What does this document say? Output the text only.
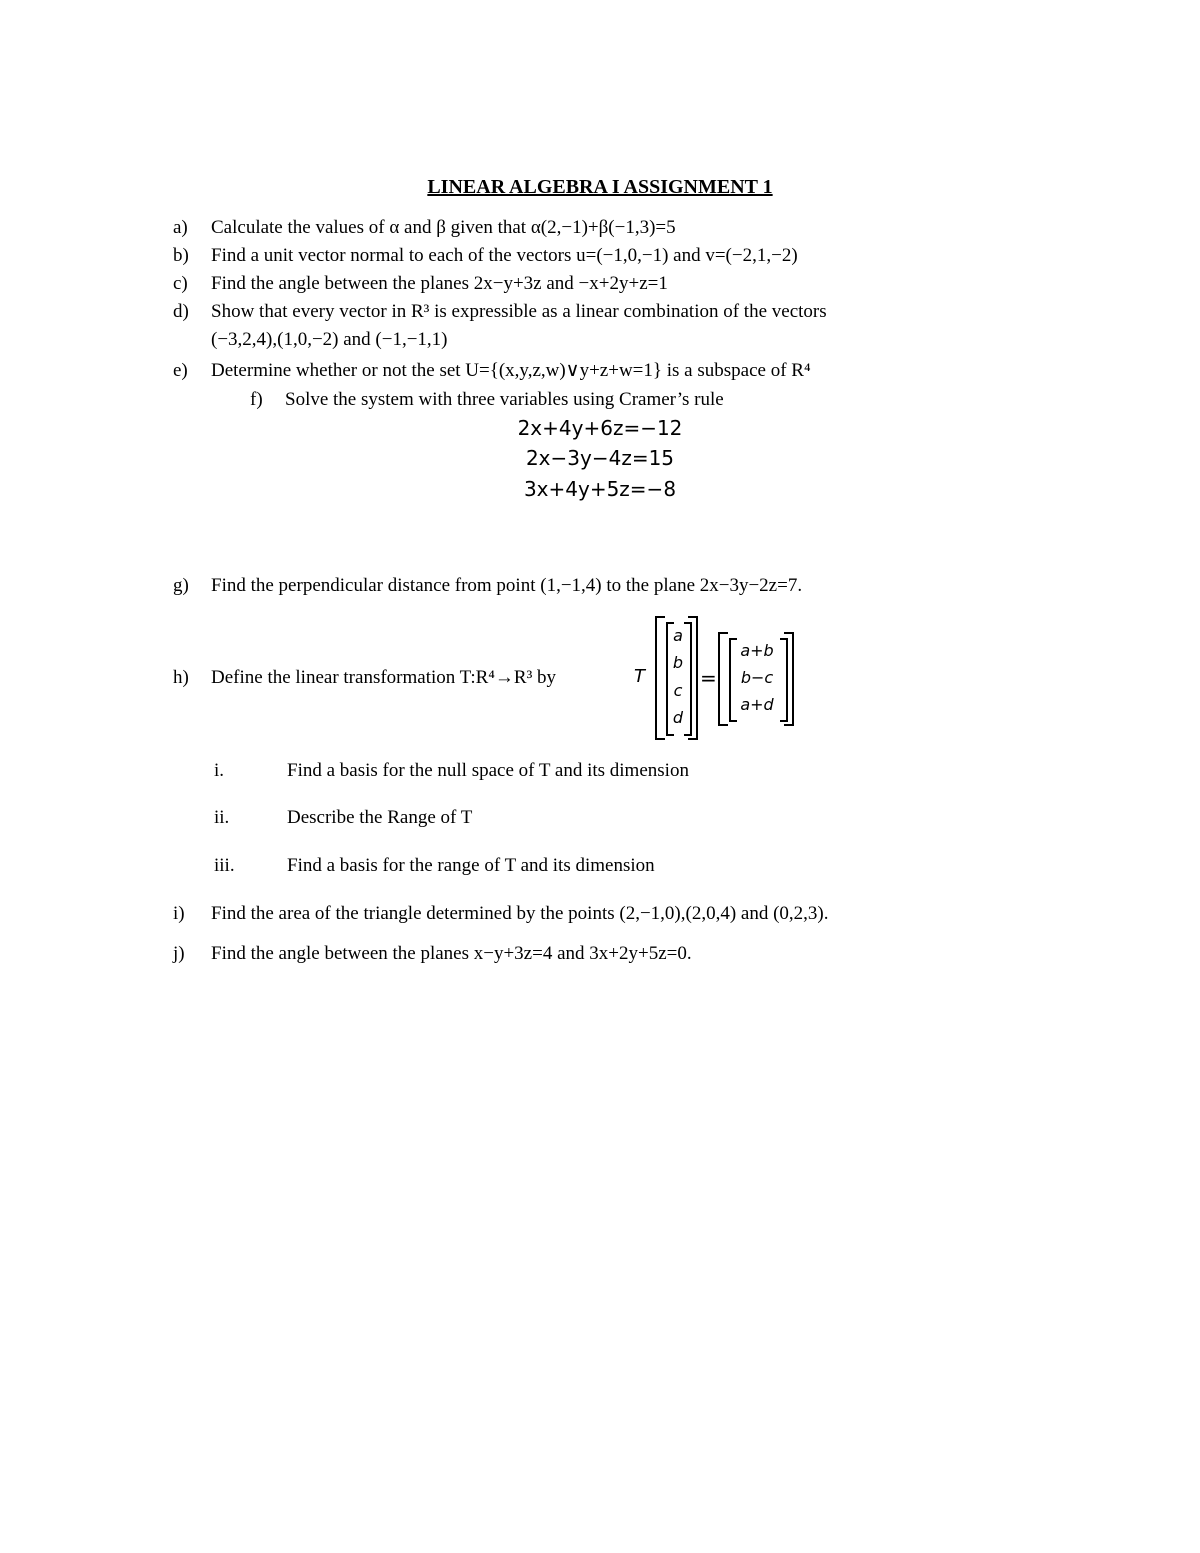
LINEAR ALGEBRA I ASSIGNMENT 1
a) Calculate the values of α and β given that α(2,−1)+β(−1,3)=5
b) Find a unit vector normal to each of the vectors u=(−1,0,−1) and v=(−2,1,−2)
c) Find the angle between the planes 2x−y+3z and −x+2y+z=1
d) Show that every vector in R³ is expressible as a linear combination of the vectors
(−3,2,4),(1,0,−2) and (−1,−1,1)
e) Determine whether or not the set U={(x,y,z,w)∨y+z+w=1} is a subspace of R⁴
f) Solve the system with three variables using Cramer’s rule
2x+4y+6z=−12
2x−3y−4z=15
3x+4y+5z=−8
g) Find the perpendicular distance from point (1,−1,4) to the plane 2x−3y−2z=7.
h) Define the linear transformation T:R⁴→R³ by	T
a
b
c
d
=
a+b
b−c
a+d
i.	Find a basis for the null space of T and its dimension
ii.	Describe the Range of T
iii.	Find a basis for the range of T and its dimension
i) Find the area of the triangle determined by the points (2,−1,0),(2,0,4) and (0,2,3).
j) Find the angle between the planes x−y+3z=4 and 3x+2y+5z=0.
